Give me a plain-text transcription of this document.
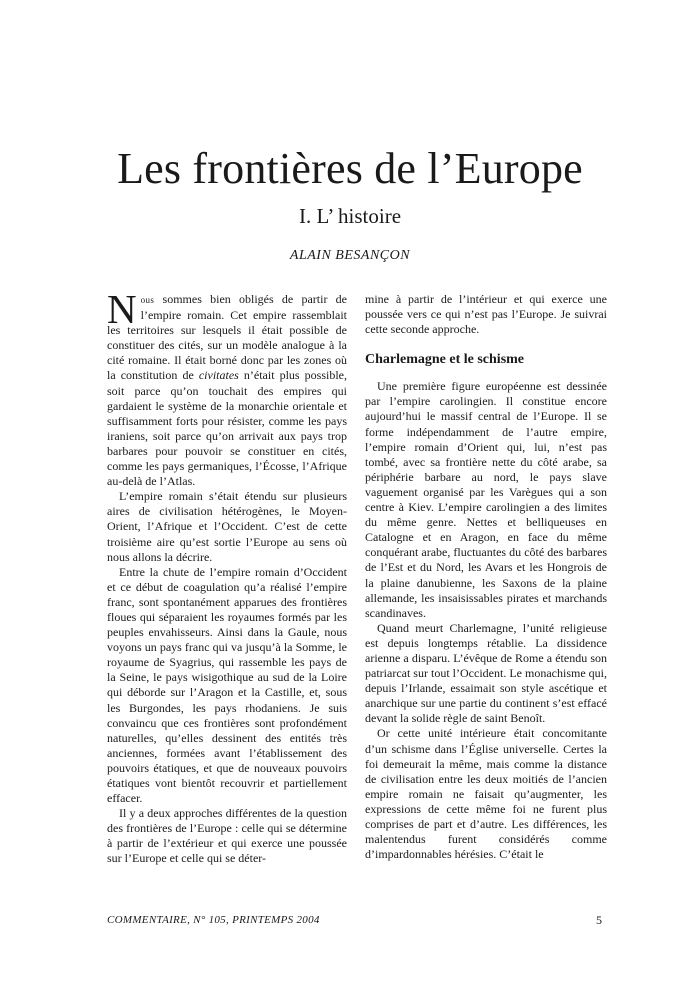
Les frontières de l’Europe
I. L’ histoire
ALAIN BESANÇON

Nous sommes bien obligés de partir de l’empire romain. Cet empire rassemblait les territoires sur lesquels il était possible de constituer des cités, sur un modèle analogue à la cité romaine. Il était borné donc par les zones où la constitution de civitates n’était plus possible, soit parce qu’on touchait des empires qui gardaient le système de la monarchie orientale et suffisamment forts pour résister, comme les pays iraniens, soit parce qu’on arrivait aux pays trop barbares pour pouvoir se constituer en cités, comme les pays germaniques, l’Écosse, l’Afrique au-delà de l’Atlas.

L’empire romain s’était étendu sur plusieurs aires de civilisation hétérogènes, le Moyen-Orient, l’Afrique et l’Occident. C’est de cette troisième aire qu’est sortie l’Europe au sens où nous allons la décrire.

Entre la chute de l’empire romain d’Occident et ce début de coagulation qu’a réalisé l’empire franc, sont spontanément apparues des frontières floues qui séparaient les royaumes formés par les peuples envahisseurs. Ainsi dans la Gaule, nous voyons un pays franc qui va jusqu’à la Somme, le royaume de Syagrius, qui rassemble les pays de la Seine, le pays wisigothique au sud de la Loire qui déborde sur l’Aragon et la Castille, et, sous les Burgondes, les pays rhodaniens. Je suis convaincu que ces frontières sont profondément naturelles, qu’elles dessinent des entités très anciennes, formées avant l’établissement des pouvoirs étatiques, et que de nouveaux pouvoirs étatiques vont bientôt recouvrir et partiellement effacer.

Il y a deux approches différentes de la question des frontières de l’Europe : celle qui se détermine à partir de l’extérieur et qui exerce une poussée sur l’Europe et celle qui se déter-

mine à partir de l’intérieur et qui exerce une poussée vers ce qui n’est pas l’Europe. Je suivrai cette seconde approche.

Charlemagne et le schisme

Une première figure européenne est dessinée par l’empire carolingien. Il constitue encore aujourd’hui le massif central de l’Europe. Il se forme indépendamment de l’autre empire, l’empire romain d’Orient qui, lui, n’est pas tombé, avec sa frontière nette du côté arabe, sa périphérie barbare au nord, le pays slave vaguement organisé par les Varègues qui a son centre à Kiev. L’empire carolingien a des limites du même genre. Nettes et belliqueuses en Catalogne et en Aragon, en face du même conquérant arabe, fluctuantes du côté des barbares de l’Est et du Nord, les Avars et les Hongrois de la plaine danubienne, les Saxons de la plaine allemande, les insaisissables pirates et marchands scandinaves.

Quand meurt Charlemagne, l’unité religieuse est depuis longtemps rétablie. La dissidence arienne a disparu. L’évêque de Rome a étendu son patriarcat sur tout l’Occident. Le monachisme qui, depuis l’Irlande, essaimait son style ascétique et anarchique sur une partie du continent s’est effacé devant la solide règle de saint Benoît.

Or cette unité intérieure était concomitante d’un schisme dans l’Église universelle. Certes la foi demeurait la même, mais comme la distance de civilisation entre les deux moitiés de l’ancien empire romain ne faisait qu’augmenter, les expressions de cette même foi ne furent plus comprises de part et d’autre. Les différences, les malentendus furent considérés comme d’impardonnables hérésies. C’était le

COMMENTAIRE, N° 105, PRINTEMPS 2004	5
